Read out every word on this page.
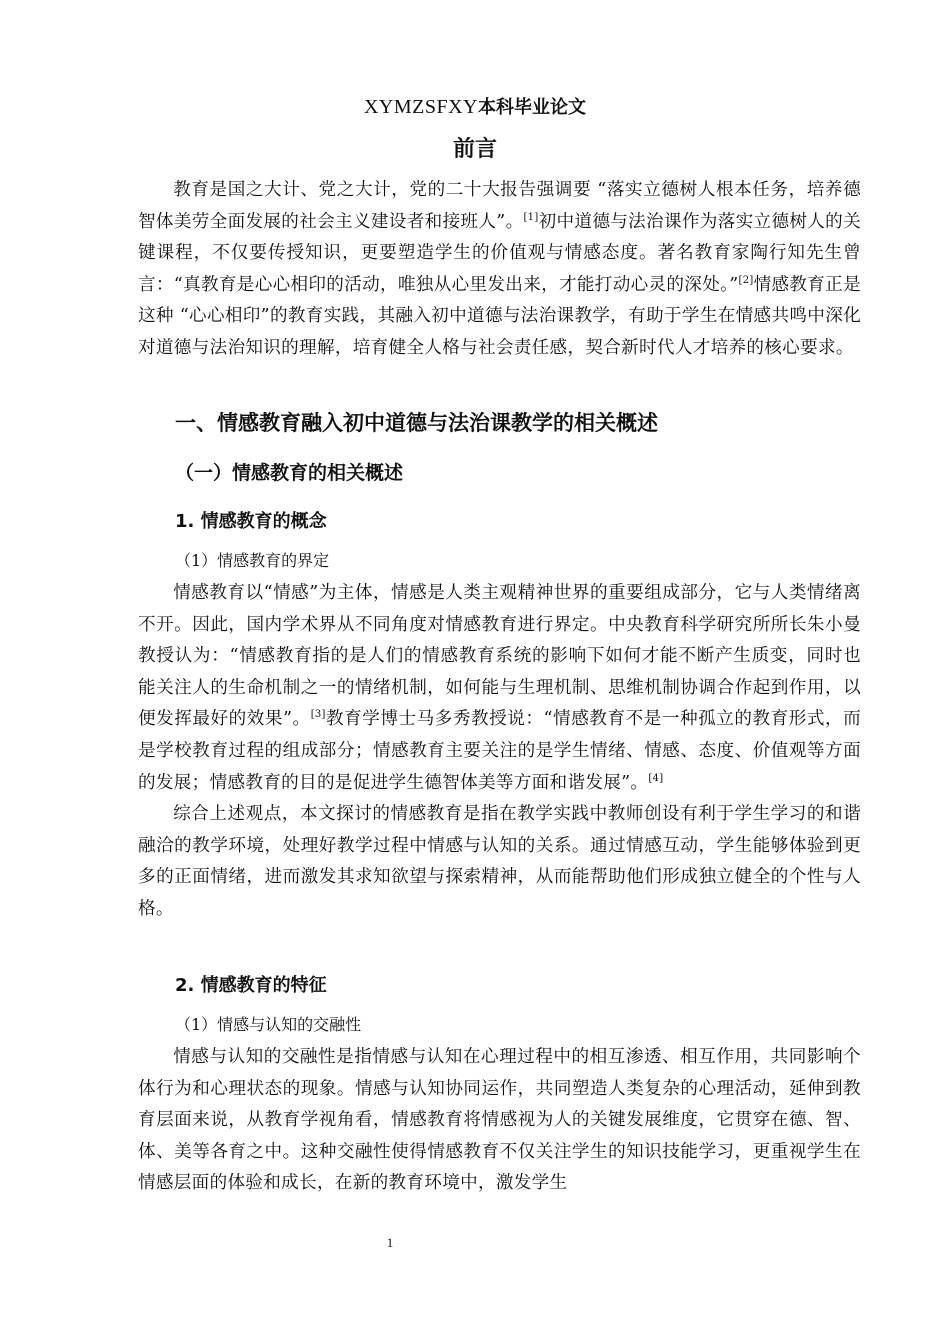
XYMZSFXY本科毕业论文
前言

教育是国之大计、党之大计，党的二十大报告强调要 “落实立德树人根本任务，培养德智体美劳全面发展的社会主义建设者和接班人”。[1]初中道德与法治课作为落实立德树人的关键课程，不仅要传授知识，更要塑造学生的价值观与情感态度。著名教育家陶行知先生曾言：“真教育是心心相印的活动，唯独从心里发出来，才能打动心灵的深处。”[2]情感教育正是这种 “心心相印”的教育实践，其融入初中道德与法治课教学，有助于学生在情感共鸣中深化对道德与法治知识的理解，培育健全人格与社会责任感，契合新时代人才培养的核心要求。

一、情感教育融入初中道德与法治课教学的相关概述
（一）情感教育的相关概述
1. 情感教育的概念
（1）情感教育的界定

情感教育以“情感”为主体，情感是人类主观精神世界的重要组成部分，它与人类情绪离不开。因此，国内学术界从不同角度对情感教育进行界定。中央教育科学研究所所长朱小曼教授认为：“情感教育指的是人们的情感教育系统的影响下如何才能不断产生质变，同时也能关注人的生命机制之一的情绪机制，如何能与生理机制、思维机制协调合作起到作用，以便发挥最好的效果”。[3]教育学博士马多秀教授说：“情感教育不是一种孤立的教育形式，而是学校教育过程的组成部分；情感教育主要关注的是学生情绪、情感、态度、价值观等方面的发展；情感教育的目的是促进学生德智体美等方面和谐发展”。[4]

综合上述观点，本文探讨的情感教育是指在教学实践中教师创设有利于学生学习的和谐融洽的教学环境，处理好教学过程中情感与认知的关系。通过情感互动，学生能够体验到更多的正面情绪，进而激发其求知欲望与探索精神，从而能帮助他们形成独立健全的个性与人格。

2. 情感教育的特征
（1）情感与认知的交融性

情感与认知的交融性是指情感与认知在心理过程中的相互渗透、相互作用，共同影响个体行为和心理状态的现象。情感与认知协同运作，共同塑造人类复杂的心理活动，延伸到教育层面来说，从教育学视角看，情感教育将情感视为人的关键发展维度，它贯穿在德、智、体、美等各育之中。这种交融性使得情感教育不仅关注学生的知识技能学习，更重视学生在情感层面的体验和成长，在新的教育环境中，激发学生

1
